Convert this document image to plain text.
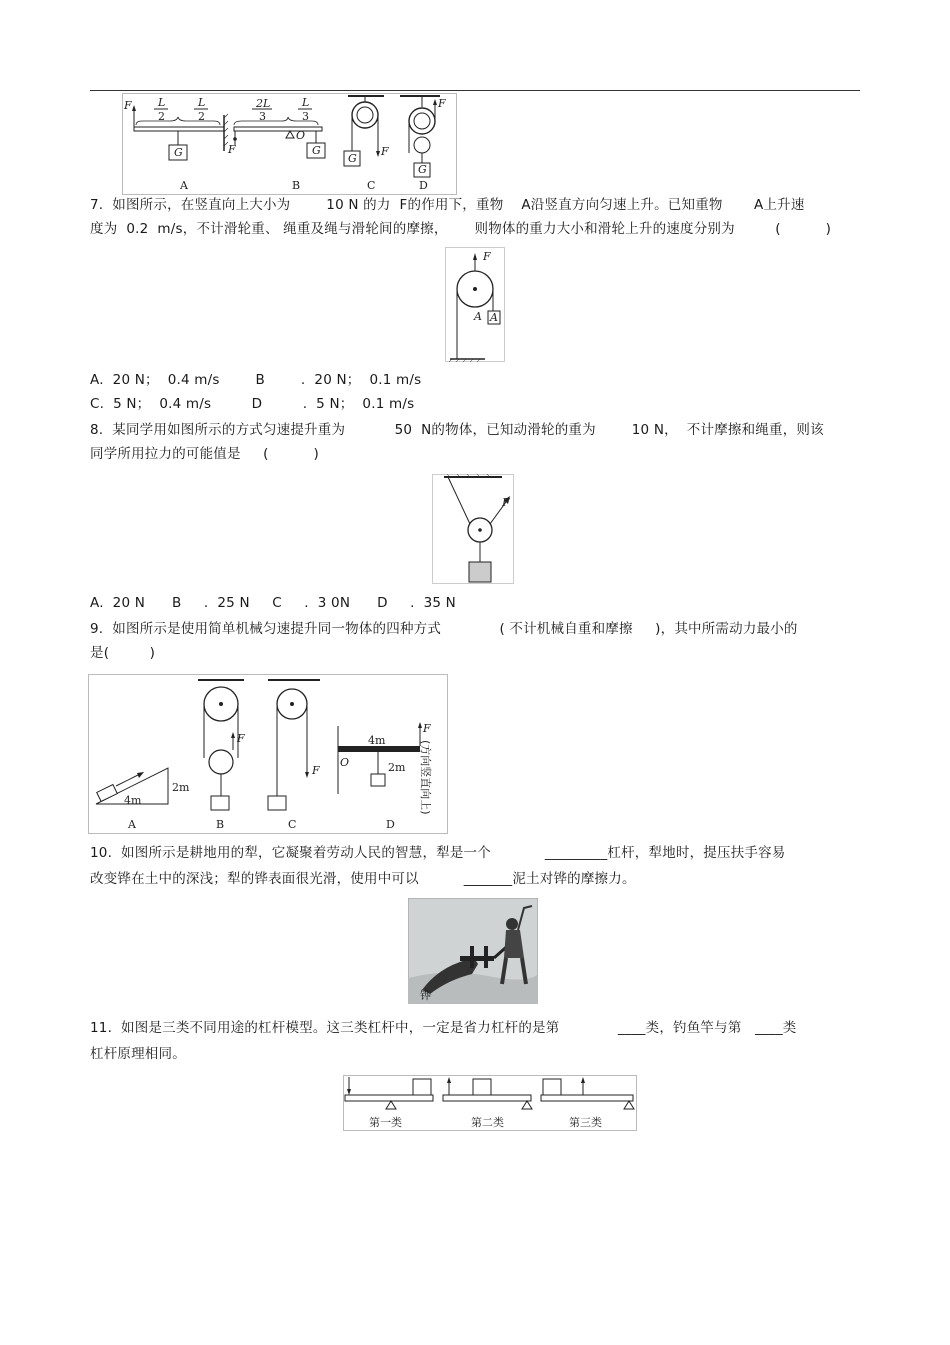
F L
2
L
2
G
A
2L
3
L
3
F
O
G
B
F
G
C
F
G
D
7.  如图所示，在竖直向上大小为        10 N 的力  F的作用下，重物    A沿竖直方向匀速上升。已知重物       A上升速
度为  0.2  m/s，不计滑轮重、 绳重及绳与滑轮间的摩擦，      则物体的重力大小和滑轮上升的速度分别为         (          )
F
A
A
A.  20 N；  0.4 m/s        B        .  20 N；  0.1 m/s
C.  5 N；  0.4 m/s         D         .  5 N；  0.1 m/s
8.  某同学用如图所示的方式匀速提升重为           50  N的物体，已知动滑轮的重为        10 N，  不计摩擦和绳重，则该
同学所用拉力的可能值是     (          )
F
A.  20 N      B     .  25 N     C     .  3 0N      D     .  35 N
9.  如图所示是使用简单机械匀速提升同一物体的四种方式             ( 不计机械自重和摩擦     )，其中所需动力最小的
是(         )
4m
2m
A
F
B
F
C
4m
2m
O
F
(方向竖直向上)
D
10.  如图所示是耕地用的犁，它凝聚着劳动人民的智慧，犁是一个            _________杠杆，犁地时，提压扶手容易
改变铧在土中的深浅；犁的铧表面很光滑，使用中可以          _______泥土对铧的摩擦力。
铧
11.  如图是三类不同用途的杠杆模型。这三类杠杆中，一定是省力杠杆的是第             ____类，钓鱼竿与第   ____类
杠杆原理相同。
第一类	第二类	第三类
